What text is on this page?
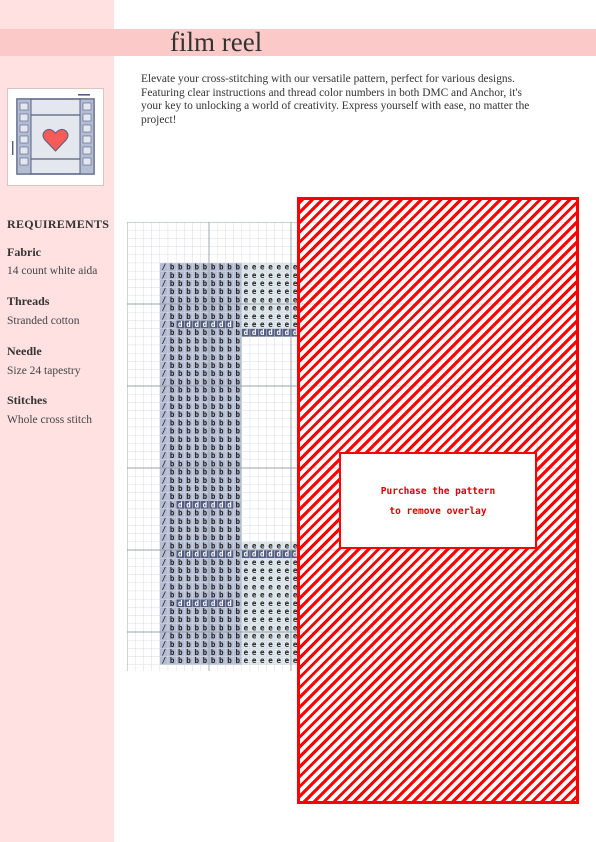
film reel
Elevate your cross-stitching with our versatile pattern, perfect for various designs. Featuring clear instructions and thread color numbers in both DMC and Anchor, it's your key to unlocking a world of creativity. Express yourself with ease, no matter the project!
REQUIREMENTS
Fabric
14 count white aida
Threads
Stranded cotton
Needle
Size 24 tapestry
Stitches
Whole cross stitch
/ b b b b b b b b b e e e e e e e
/ b b b b b b b b b e e e e e e e
/ b b b b b b b b b e e e e e e e
/ b b b b b b b b b e e e e e e e
/ b b b b b b b b b e e e e e e e
/ b b b b b b b b b e e e e e e e
/ b b b b b b b b b e e e e e e e
/ b d d d d d d d b e e e e e e e
/ b b b b b b b b b d d d d d d d
/ b b b b b b b b b
/ b b b b b b b b b
/ b b b b b b b b b
/ b b b b b b b b b
/ b b b b b b b b b
/ b b b b b b b b b
/ b b b b b b b b b
/ b b b b b b b b b
/ b b b b b b b b b
/ b b b b b b b b b
/ b b b b b b b b b
/ b b b b b b b b b
/ b b b b b b b b b
/ b b b b b b b b b
/ b b b b b b b b b
/ b b b b b b b b b
/ b b b b b b b b b
/ b b b b b b b b b
/ b b b b b b b b b
/ b b b b b b b b b
/ b d d d d d d d b
/ b b b b b b b b b
/ b b b b b b b b b
/ b b b b b b b b b
/ b b b b b b b b b
/ b b b b b b b b b e e e e e e e
/ b d d d d d d d b d d d d d d d
/ b b b b b b b b b e e e e e e e
/ b b b b b b b b b e e e e e e e
/ b b b b b b b b b e e e e e e e
/ b b b b b b b b b e e e e e e e
/ b b b b b b b b b e e e e e e e
/ b d d d d d d d b e e e e e e e
/ b b b b b b b b b e e e e e e e
/ b b b b b b b b b e e e e e e e
/ b b b b b b b b b e e e e e e e
/ b b b b b b b b b e e e e e e e
/ b b b b b b b b b e e e e e e e
/ b b b b b b b b b e e e e e e e
/ b b b b b b b b b e e e e e e e
Purchase the pattern
to remove overlay
